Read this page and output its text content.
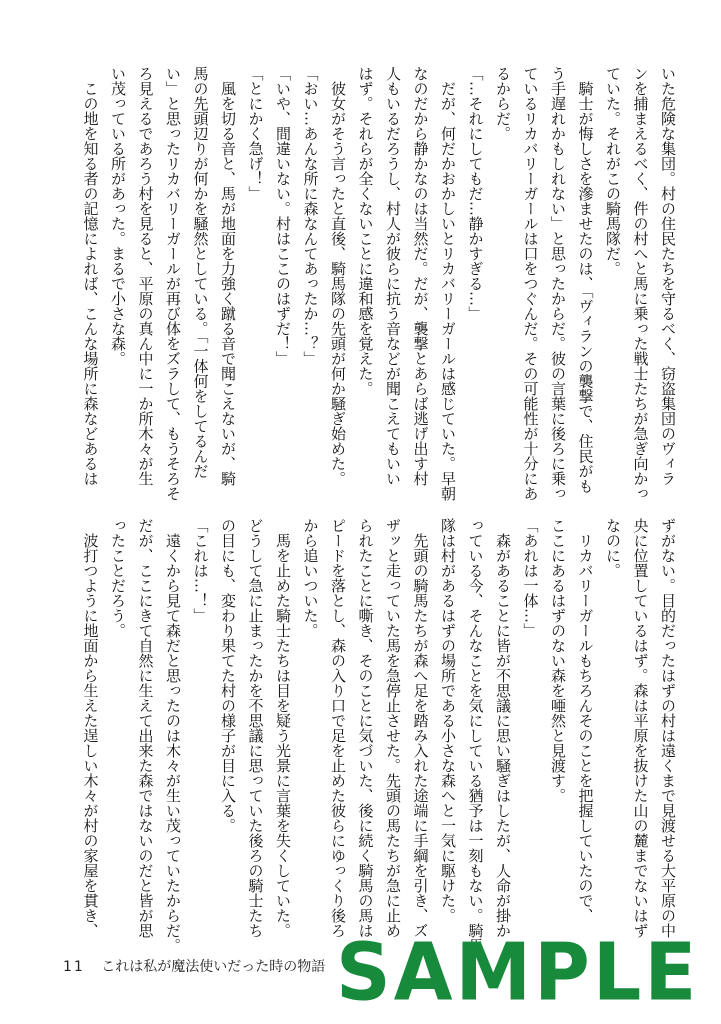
いた危険な集団。村の住民たちを守るべく、窃盗集団のヴィラ
ンを捕まえるべく、件の村へと馬に乗った戦士たちが急ぎ向かっ
ていた。それがこの騎馬隊だ。
　騎士が悔しさを滲ませたのは、「ヴィランの襲撃で、住民がも
う手遅れかもしれない」と思ったからだ。彼の言葉に後ろに乗っ
ているリカバリーガールは口をつぐんだ。その可能性が十分にあ
るからだ。
「…それにしてもだ…静かすぎる…」
　だが、何だかおかしいとリカバリーガールは感じていた。早朝
なのだから静かなのは当然だ。だが、襲撃とあらば逃げ出す村
人もいるだろうし、村人が彼らに抗う音などが聞こえてもいい
はず。それらが全くないことに違和感を覚えた。
　彼女がそう言ったと直後、騎馬隊の先頭が何か騒ぎ始めた。
「おい…あんな所に森なんてあったか…？」
「いや、間違いない。村はここのはずだ！」
「とにかく急げ！」
　風を切る音と、馬が地面を力強く蹴る音で聞こえないが、騎
馬の先頭辺りが何かを騒然としている。「一体何をしてるんだ
い」と思ったリカバリーガールが再び体をズラして、もうそろそ
ろ見えるであろう村を見ると、平原の真ん中に一か所木々が生
い茂っている所があった。まるで小さな森。
　この地を知る者の記憶によれば、こんな場所に森などあるは
ずがない。目的だったはずの村は遠くまで見渡せる大平原の中
央に位置しているはず。森は平原を抜けた山の麓までないはず
なのに。
　リカバリーガールもちろんそのことを把握していたので、
ここにあるはずのない森を唖然と見渡す。
「あれは一体…」
　森があることに皆が不思議に思い騒ぎはしたが、人命が掛か
っている今、そんなことを気にしている猶予は一刻もない。騎馬
隊は村があるはずの場所である小さな森へと一気に駆けた。
　先頭の騎馬たちが森へ足を踏み入れた途端に手綱を引き、ズ
ザッと走っていた馬を急停止させた。先頭の馬たちが急に止め
られたことに嘶き、そのことに気づいた、後に続く騎馬の馬はス
ピードを落とし、森の入り口で足を止めた彼らにゆっくり後ろ
から追いついた。
　馬を止めた騎士たちは目を疑う光景に言葉を失くしていた。
どうして急に止まったかを不思議に思っていた後ろの騎士たち
の目にも、変わり果てた村の様子が目に入る。
「これは…！」
　遠くから見て森だと思ったのは木々が生い茂っていたからだ。
だが、ここにきて自然に生えて出来た森ではないのだと皆が思
ったことだろう。
　波打つように地面から生えた逞しい木々が村の家屋を貫き、
11 これは私が魔法使いだった時の物語 SAMPLE
